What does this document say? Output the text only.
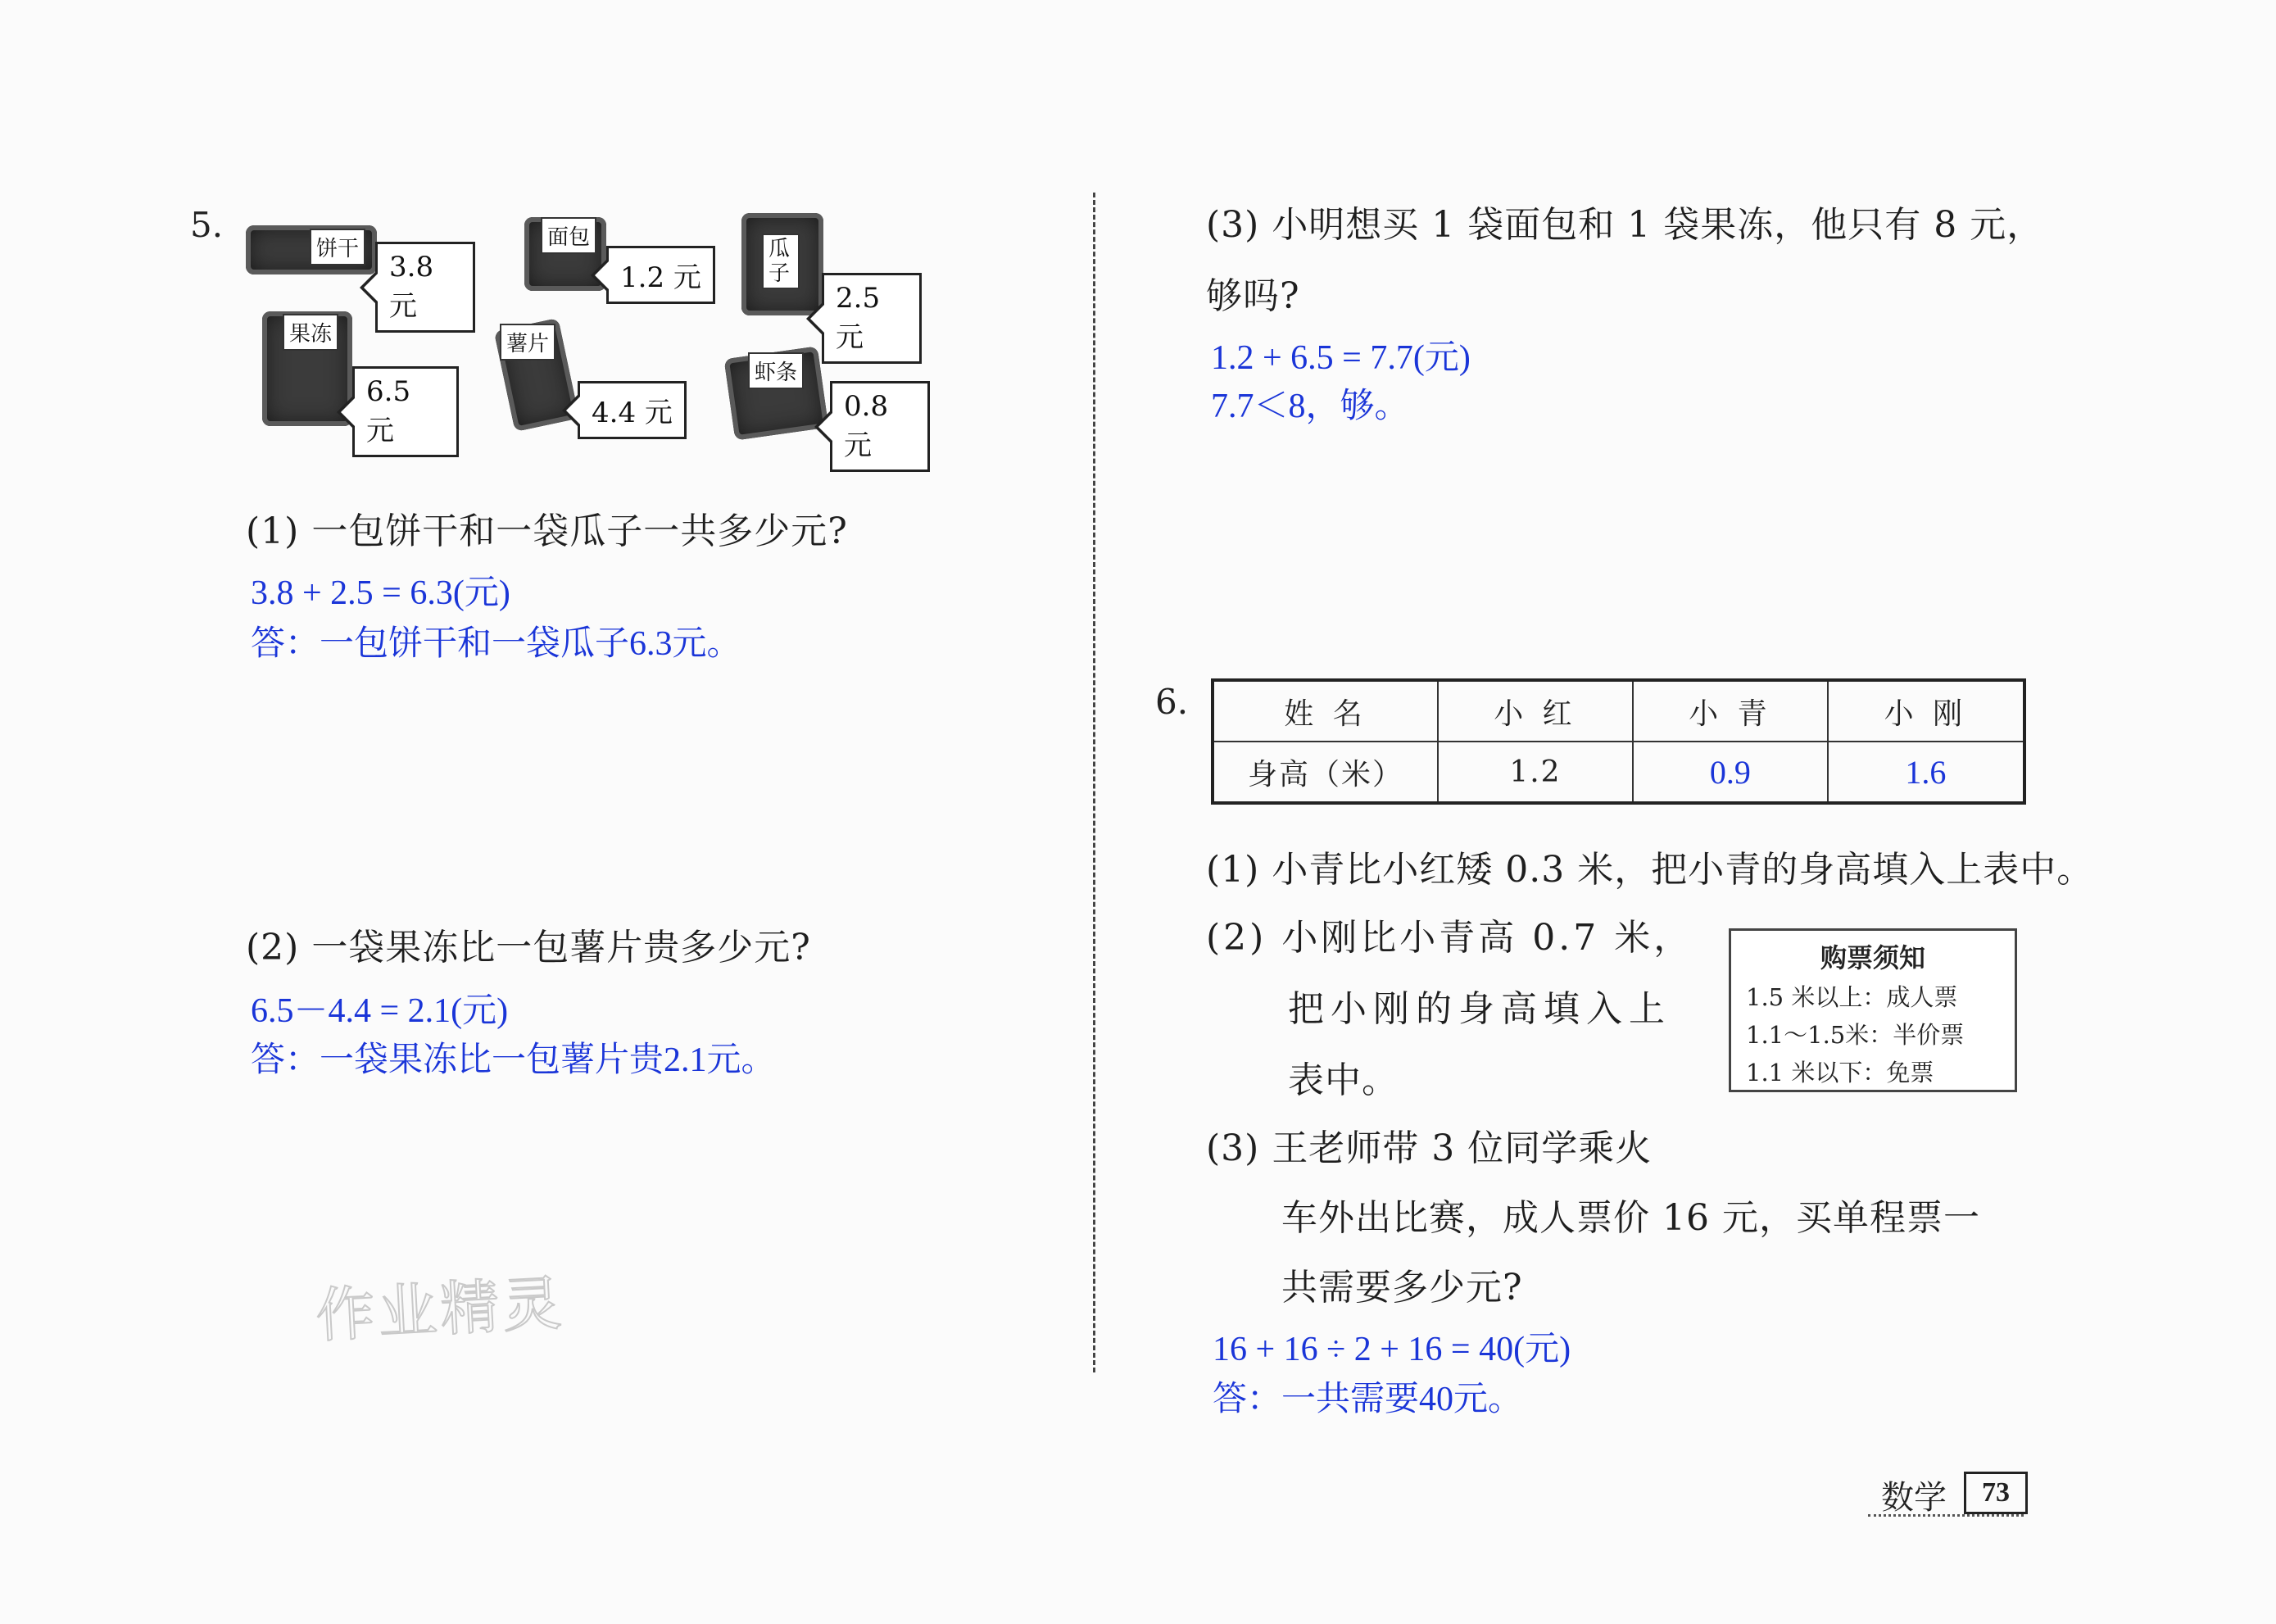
5.
饼干
3.8 元
面包
1.2 元
瓜子
2.5 元
果冻
6.5 元
薯片
4.4 元
虾条
0.8 元
(1) 一包饼干和一袋瓜子一共多少元?
3.8 + 2.5 = 6.3(元)
答：一包饼干和一袋瓜子6.3元。
(2) 一袋果冻比一包薯片贵多少元?
6.5－4.4 = 2.1(元)
答：一袋果冻比一包薯片贵2.1元。
作业精灵
(3) 小明想买 1 袋面包和 1 袋果冻，他只有 8 元，
够吗?
1.2 + 6.5 = 7.7(元)
7.7＜8，够。
6.	姓 名	小 红	小 青	小 刚
身高（米）	1.2	0.9	1.6
(1) 小青比小红矮 0.3 米，把小青的身高填入上表中。
(2) 小刚比小青高 0.7 米，
把小刚的身高填入上
表中。
购票须知
1.5 米以上：成人票
1.1～1.5米：半价票
1.1 米以下：免票
(3) 王老师带 3 位同学乘火
车外出比赛，成人票价 16 元，买单程票一
共需要多少元?
16 + 16 ÷ 2 + 16 = 40(元)
答：一共需要40元。
数学	73
